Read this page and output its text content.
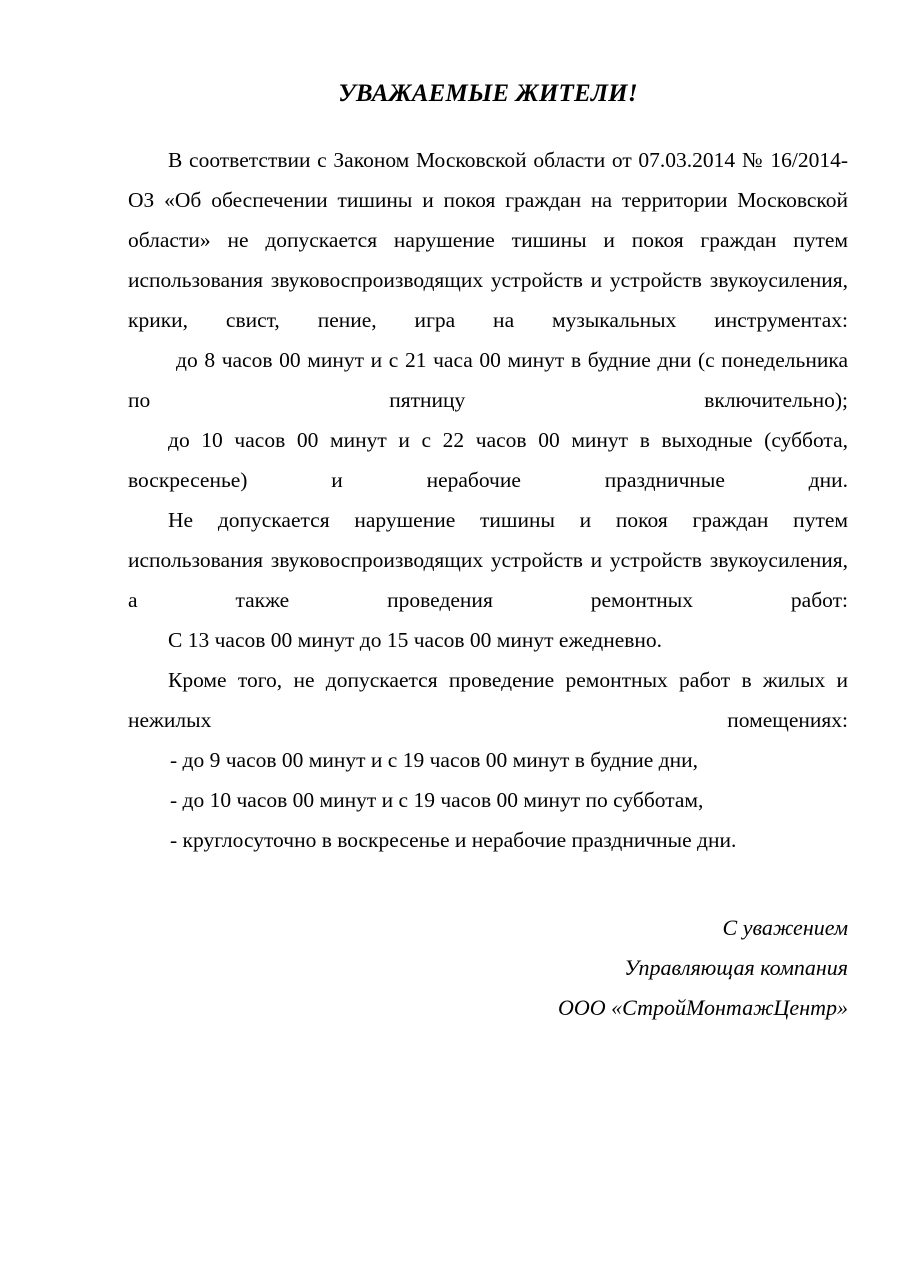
УВАЖАЕМЫЕ ЖИТЕЛИ!

В соответствии с Законом Московской области от 07.03.2014 № 16/2014-ОЗ «Об обеспечении тишины и покоя граждан на территории Московской области» не допускается нарушение тишины и покоя граждан путем использования звуковоспроизводящих устройств и устройств звукоусиления, крики, свист, пение, игра на музыкальных инструментах:

до 8 часов 00 минут и с 21 часа 00 минут в будние дни (с понедельника по пятницу включительно);

до 10 часов 00 минут и с 22 часов 00 минут в выходные (суббота, воскресенье) и нерабочие праздничные дни.

Не допускается нарушение тишины и покоя граждан путем использования звуковоспроизводящих устройств и устройств звукоусиления, а также проведения ремонтных работ:

С 13 часов 00 минут до 15 часов 00 минут ежедневно.

Кроме того, не допускается проведение ремонтных работ в жилых и нежилых помещениях:

- до 9 часов 00 минут и с 19 часов 00 минут в будние дни,

- до 10 часов 00 минут и с 19 часов 00 минут по субботам,

- круглосуточно в воскресенье и нерабочие праздничные дни.

С уважением

Управляющая компания

ООО «СтройМонтажЦентр»
